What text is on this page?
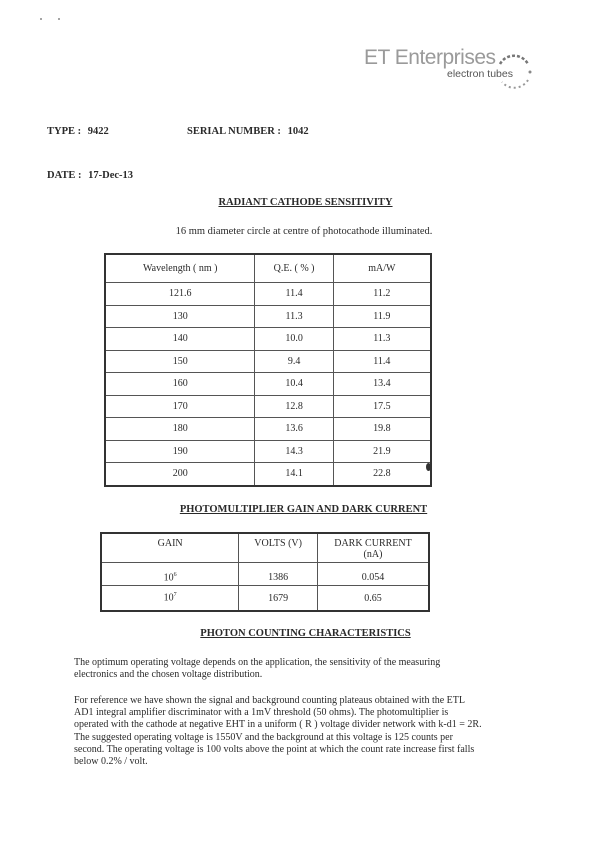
ET Enterprises
electron tubes
TYPE : 9422	SERIAL NUMBER : 1042
DATE : 17-Dec-13
RADIANT CATHODE SENSITIVITY
16 mm diameter circle at centre of photocathode illuminated.
Wavelength ( nm )	Q.E. ( % )	mA/W
121.6	11.4	11.2
130	11.3	11.9
140	10.0	11.3
150	9.4	11.4
160	10.4	13.4
170	12.8	17.5
180	13.6	19.8
190	14.3	21.9
200	14.1	22.8
PHOTOMULTIPLIER GAIN AND DARK CURRENT
GAIN	VOLTS (V)	DARK CURRENT
(nA)

$10^6$	1386	0.054
$10^7$	1679	0.65
PHOTON COUNTING CHARACTERISTICS
The optimum operating voltage depends on the application, the sensitivity of the measuring
electronics and the chosen voltage distribution.
For reference we have shown the signal and background counting plateaus obtained with the ETL
AD1 integral amplifier discriminator with a 1mV threshold (50 ohms). The photomultiplier is
operated with the cathode at negative EHT in a uniform ( R ) voltage divider network with k-d1 = 2R.
The suggested operating voltage is 1550V and the background at this voltage is 125 counts per
second. The operating voltage is 100 volts above the point at which the count rate increase first falls
below 0.2% / volt.
